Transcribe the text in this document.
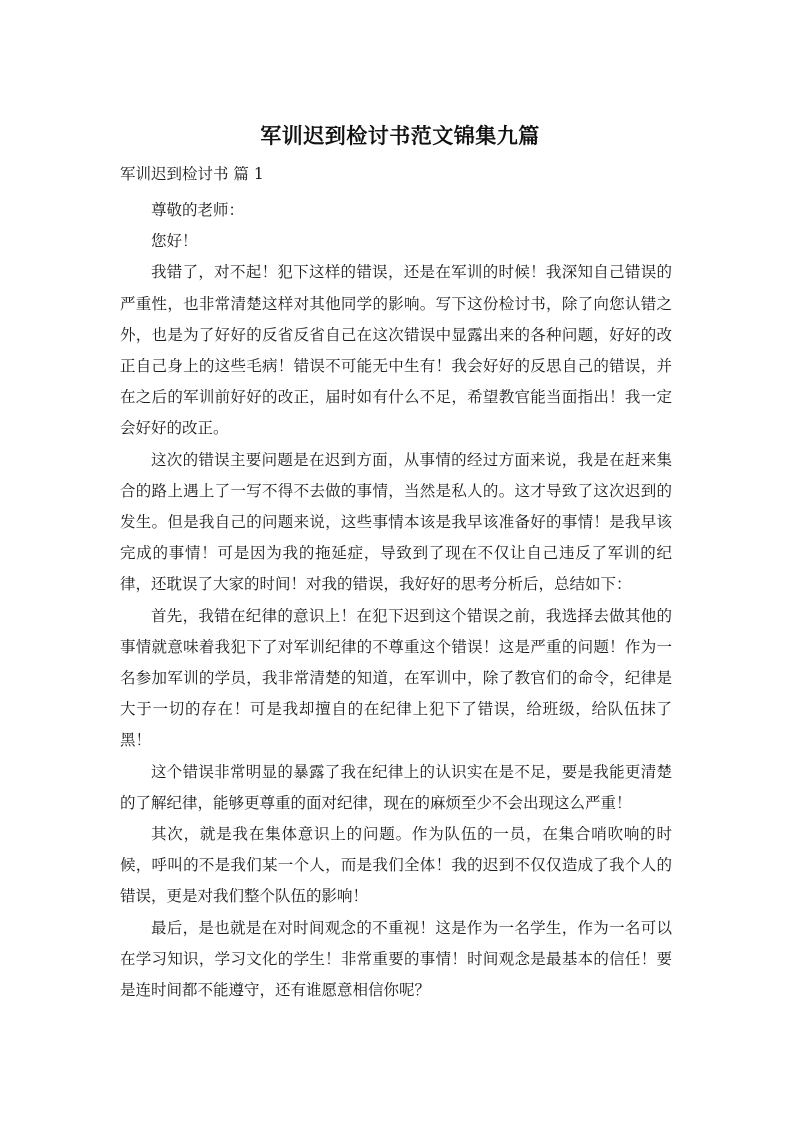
军训迟到检讨书范文锦集九篇
军训迟到检讨书 篇 1

尊敬的老师：

您好！

我错了，对不起！犯下这样的错误，还是在军训的时候！我深知自己错误的严重性，也非常清楚这样对其他同学的影响。写下这份检讨书，除了向您认错之外，也是为了好好的反省反省自己在这次错误中显露出来的各种问题，好好的改正自己身上的这些毛病！错误不可能无中生有！我会好好的反思自己的错误，并在之后的军训前好好的改正，届时如有什么不足，希望教官能当面指出！我一定会好好的改正。

这次的错误主要问题是在迟到方面，从事情的经过方面来说，我是在赶来集合的路上遇上了一写不得不去做的事情，当然是私人的。这才导致了这次迟到的发生。但是我自己的问题来说，这些事情本该是我早该准备好的事情！是我早该完成的事情！可是因为我的拖延症，导致到了现在不仅让自己违反了军训的纪律，还耽误了大家的时间！对我的错误，我好好的思考分析后，总结如下：

首先，我错在纪律的意识上！在犯下迟到这个错误之前，我选择去做其他的事情就意味着我犯下了对军训纪律的不尊重这个错误！这是严重的问题！作为一名参加军训的学员，我非常清楚的知道，在军训中，除了教官们的命令，纪律是大于一切的存在！可是我却擅自的在纪律上犯下了错误，给班级，给队伍抹了黑！

这个错误非常明显的暴露了我在纪律上的认识实在是不足，要是我能更清楚的了解纪律，能够更尊重的面对纪律，现在的麻烦至少不会出现这么严重！

其次，就是我在集体意识上的问题。作为队伍的一员，在集合哨吹响的时候，呼叫的不是我们某一个人，而是我们全体！我的迟到不仅仅造成了我个人的错误，更是对我们整个队伍的影响！

最后，是也就是在对时间观念的不重视！这是作为一名学生，作为一名可以在学习知识，学习文化的学生！非常重要的事情！时间观念是最基本的信任！要是连时间都不能遵守，还有谁愿意相信你呢？
